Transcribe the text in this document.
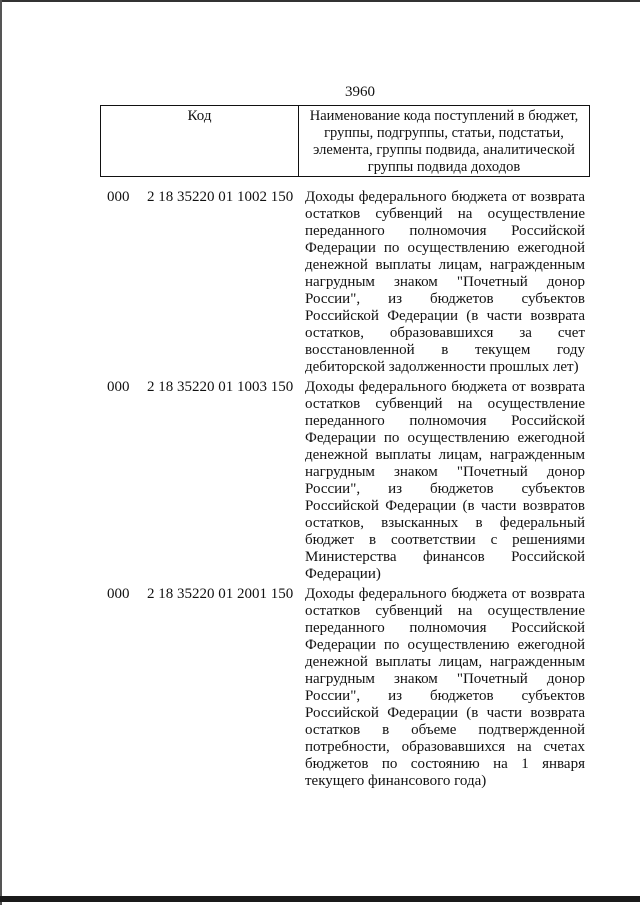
3960
Код	Наименование кода поступлений в бюджет, группы, подгруппы, статьи, подстатьи, элемента, группы подвида, аналитической группы подвида доходов
000 2 18 35220 01 1002 150 Доходы федерального бюджета от возврата остатков субвенций на осуществление переданного полномочия Российской Федерации по осуществлению ежегодной денежной выплаты лицам, награжденным нагрудным знаком "Почетный донор России", из бюджетов субъектов Российской Федерации (в части возврата остатков, образовавшихся за счет восстановленной в текущем году дебиторской задолженности прошлых лет)
000 2 18 35220 01 1003 150 Доходы федерального бюджета от возврата остатков субвенций на осуществление переданного полномочия Российской Федерации по осуществлению ежегодной денежной выплаты лицам, награжденным нагрудным знаком "Почетный донор России", из бюджетов субъектов Российской Федерации (в части возвратов остатков, взысканных в федеральный бюджет в соответствии с решениями Министерства финансов Российской Федерации)
000 2 18 35220 01 2001 150 Доходы федерального бюджета от возврата остатков субвенций на осуществление переданного полномочия Российской Федерации по осуществлению ежегодной денежной выплаты лицам, награжденным нагрудным знаком "Почетный донор России", из бюджетов субъектов Российской Федерации (в части возврата остатков в объеме подтвержденной потребности, образовавшихся на счетах бюджетов по состоянию на 1 января текущего финансового года)
